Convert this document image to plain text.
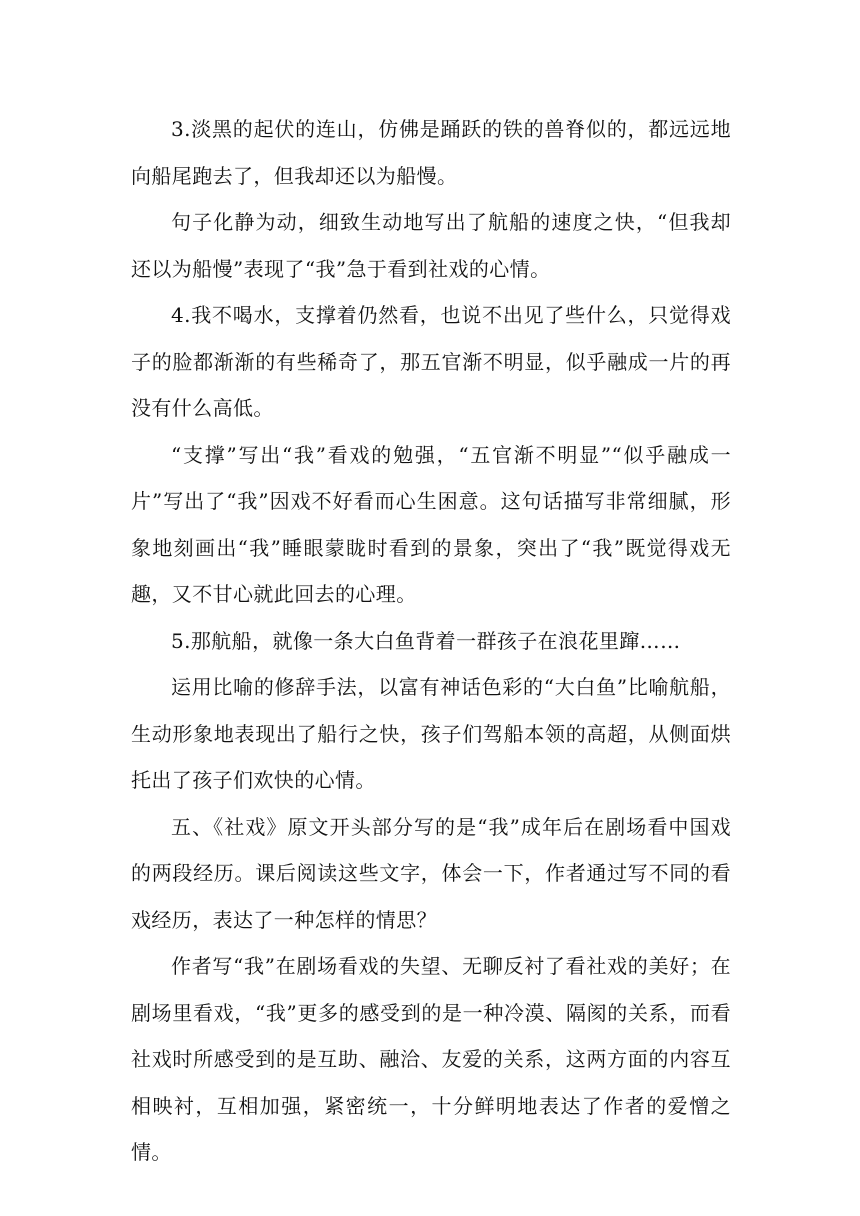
3.淡黑的起伏的连山，仿佛是踊跃的铁的兽脊似的，都远远地向船尾跑去了，但我却还以为船慢。

句子化静为动，细致生动地写出了航船的速度之快，“但我却还以为船慢”表现了“我”急于看到社戏的心情。

4.我不喝水，支撑着仍然看，也说不出见了些什么，只觉得戏子的脸都渐渐的有些稀奇了，那五官渐不明显，似乎融成一片的再没有什么高低。

“支撑”写出“我”看戏的勉强，“五官渐不明显”“似乎融成一片”写出了“我”因戏不好看而心生困意。这句话描写非常细腻，形象地刻画出“我”睡眼蒙眬时看到的景象，突出了“我”既觉得戏无趣，又不甘心就此回去的心理。

5.那航船，就像一条大白鱼背着一群孩子在浪花里蹿……

运用比喻的修辞手法，以富有神话色彩的“大白鱼”比喻航船，生动形象地表现出了船行之快，孩子们驾船本领的高超，从侧面烘托出了孩子们欢快的心情。

五、《社戏》原文开头部分写的是“我”成年后在剧场看中国戏的两段经历。课后阅读这些文字，体会一下，作者通过写不同的看戏经历，表达了一种怎样的情思？

作者写“我”在剧场看戏的失望、无聊反衬了看社戏的美好；在剧场里看戏，“我”更多的感受到的是一种冷漠、隔阂的关系，而看社戏时所感受到的是互助、融洽、友爱的关系，这两方面的内容互相映衬，互相加强，紧密统一，十分鲜明地表达了作者的爱憎之情。
